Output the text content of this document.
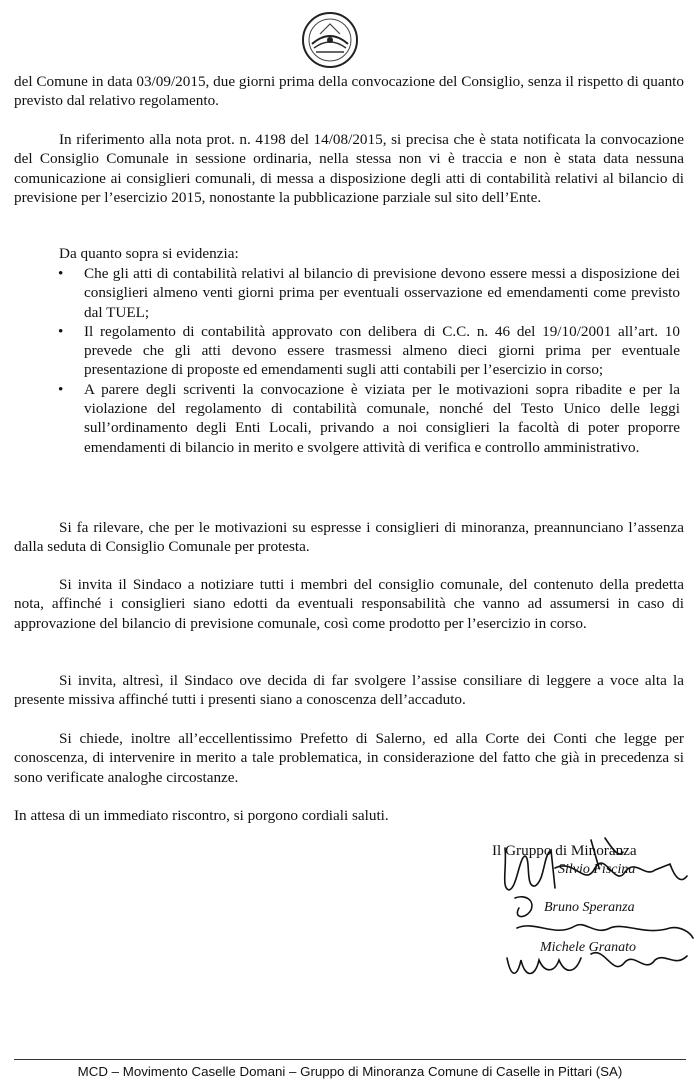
del Comune in data 03/09/2015, due giorni prima della convocazione del Consiglio, senza il rispetto di quanto previsto dal relativo regolamento.

In riferimento alla nota prot. n. 4198 del 14/08/2015, si precisa che è stata notificata la convocazione del Consiglio Comunale in sessione ordinaria, nella stessa non vi è traccia e non è stata data nessuna comunicazione ai consiglieri comunali, di messa a disposizione degli atti di contabilità relativi al bilancio di previsione per l’esercizio 2015, nonostante la pubblicazione parziale sul sito dell’Ente.

Da quanto sopra si evidenzia:

• Che gli atti di contabilità relativi al bilancio di previsione devono essere messi a disposizione dei consiglieri almeno venti giorni prima per eventuali osservazione ed emendamenti come previsto dal TUEL;
• Il regolamento di contabilità approvato con delibera di C.C. n. 46 del 19/10/2001 all’art. 10 prevede che gli atti devono essere trasmessi almeno dieci giorni prima per eventuale presentazione di proposte ed emendamenti sugli atti contabili per l’esercizio in corso;
• A parere degli scriventi la convocazione è viziata per le motivazioni sopra ribadite e per la violazione del regolamento di contabilità comunale, nonché del Testo Unico delle leggi sull’ordinamento degli Enti Locali, privando a noi consiglieri la facoltà di poter proporre emendamenti di bilancio in merito e svolgere attività di verifica e controllo amministrativo.

Si fa rilevare, che per le motivazioni su espresse i consiglieri di minoranza, preannunciano l’assenza dalla seduta di Consiglio Comunale per protesta.

Si invita il Sindaco a notiziare tutti i membri del consiglio comunale, del contenuto della predetta nota, affinché i consiglieri siano edotti da eventuali responsabilità che vanno ad assumersi in caso di approvazione del bilancio di previsione comunale, così come prodotto per l’esercizio in corso.

Si invita, altresì, il Sindaco ove decida di far svolgere l’assise consiliare di leggere a voce alta la presente missiva affinché tutti i presenti siano a conoscenza dell’accaduto.

Si chiede, inoltre all’eccellentissimo Prefetto di Salerno, ed alla Corte dei Conti che legge per conoscenza, di intervenire in merito a tale problematica, in considerazione del fatto che già in precedenza si sono verificate analoghe circostanze.

In attesa di un immediato riscontro, si porgono cordiali saluti.

Il Gruppo di Minoranza
Silvio Fiscina
Bruno Speranza
Michele Granato
MCD – Movimento Caselle Domani – Gruppo di Minoranza Comune di Caselle in Pittari (SA)
